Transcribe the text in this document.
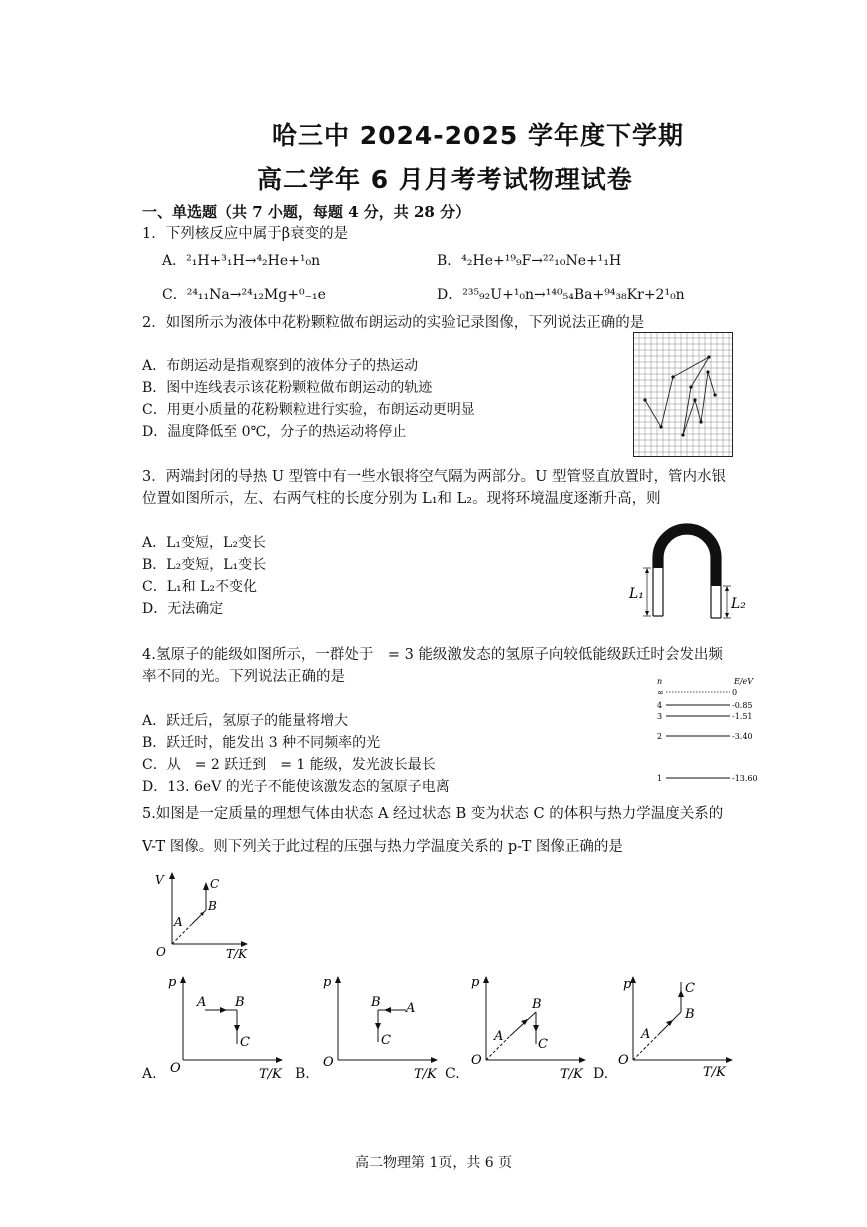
哈三中 2024-2025 学年度下学期
高二学年 6 月月考考试物理试卷
一、单选题（共 7 小题，每题 4 分，共 28 分）
1．下列核反应中属于β衰变的是
A．²₁H+³₁H→⁴₂He+¹₀n	B．⁴₂He+¹⁹₉F→²²₁₀Ne+¹₁H
C．²⁴₁₁Na→²⁴₁₂Mg+⁰₋₁e	D．²³⁵₉₂U+¹₀n→¹⁴⁰₅₄Ba+⁹⁴₃₈Kr+2¹₀n
2．如图所示为液体中花粉颗粒做布朗运动的实验记录图像，下列说法正确的是
A．布朗运动是指观察到的液体分子的热运动
B．图中连线表示该花粉颗粒做布朗运动的轨迹
C．用更小质量的花粉颗粒进行实验，布朗运动更明显
D．温度降低至 0℃，分子的热运动将停止
3．两端封闭的导热 U 型管中有一些水银将空气隔为两部分。U 型管竖直放置时，管内水银
位置如图所示，左、右两气柱的长度分别为 L₁和 L₂。现将环境温度逐渐升高，则
A．L₁变短，L₂变长
B．L₂变短，L₁变长
C．L₁和 L₂不变化
D．无法确定
L₁
L₂
4.氢原子的能级如图所示，一群处于　= 3 能级激发态的氢原子向较低能级跃迁时会发出频
率不同的光。下列说法正确的是
A．跃迁后，氢原子的能量将增大
B．跃迁时，能发出 3 种不同频率的光
C．从　= 2 跃迁到　= 1 能级，发光波长最长
D．13. 6eV 的光子不能使该激发态的氢原子电离
n	E/eV
∞	0
4	-0.85
3	-1.51
2	-3.40
1	-13.60
5.如图是一定质量的理想气体由状态 A 经过状态 B 变为状态 C 的体积与热力学温度关系的
V-T 图像。则下列关于此过程的压强与热力学温度关系的 p-T 图像正确的是
V
O	T/K
A
B
C
A.	B.	C.	D.
p
O	T/K
A B
C
p
O
T/K
A
B
C
p
O
T/K
A
B
C
p
O
T/K
A
B
C
高二物理第 1页，共 6 页
